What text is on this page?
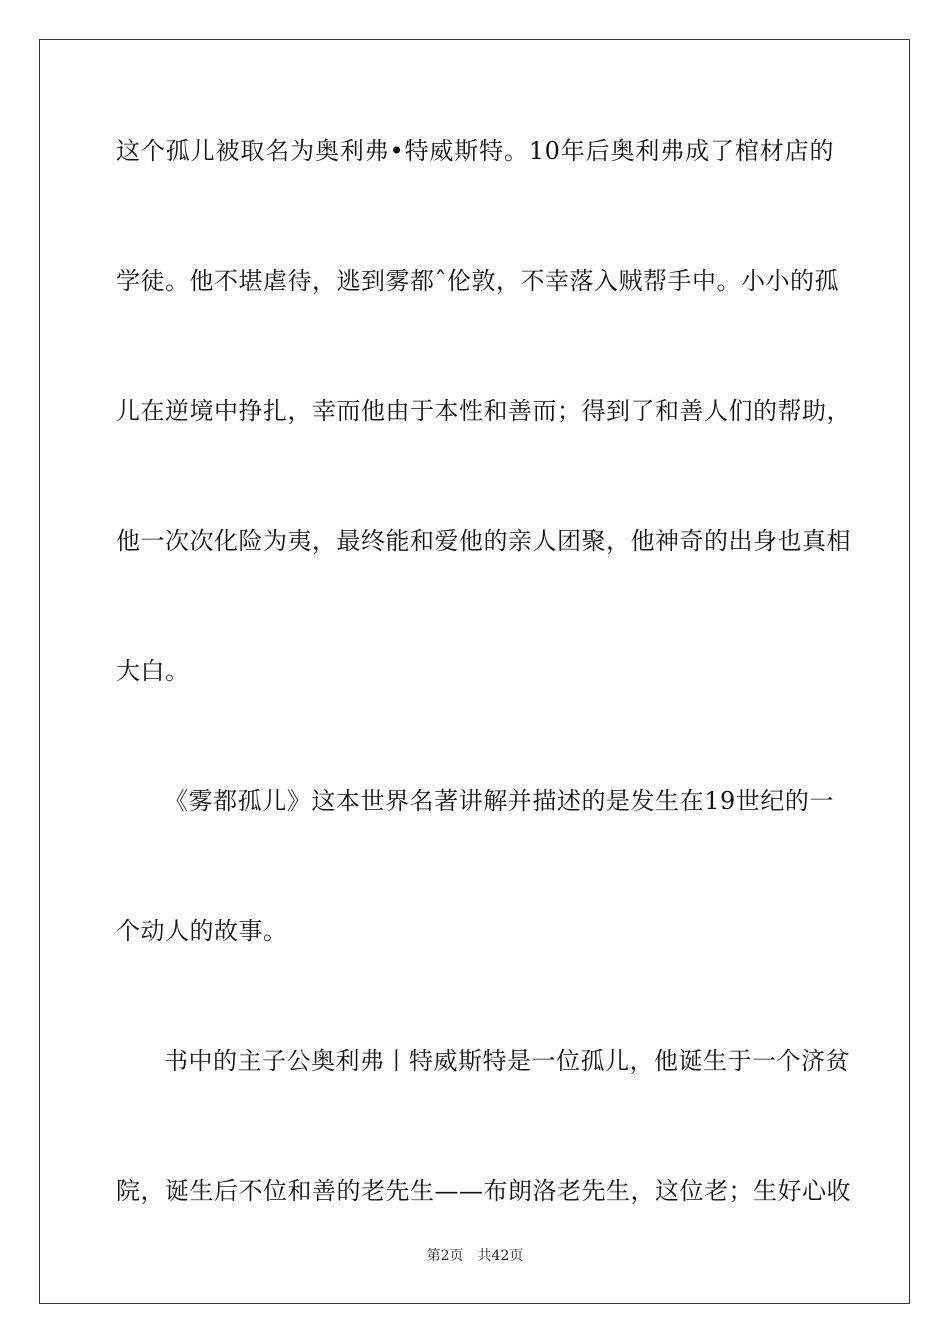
这个孤儿被取名为奥利弗•特威斯特。10年后奥利弗成了棺材店的
学徒。他不堪虐待，逃到雾都ˆ伦敦，不幸落入贼帮手中。小小的孤
儿在逆境中挣扎，幸而他由于本性和善而；得到了和善人们的帮助，
他一次次化险为夷，最终能和爱他的亲人团聚，他神奇的出身也真相
大白。
《雾都孤儿》这本世界名著讲解并描述的是发生在19世纪的一
个动人的故事。
书中的主子公奥利弗丨特威斯特是一位孤儿，他诞生于一个济贫
院，诞生后不位和善的老先生——布朗洛老先生，这位老；生好心收
第2页 共42页
